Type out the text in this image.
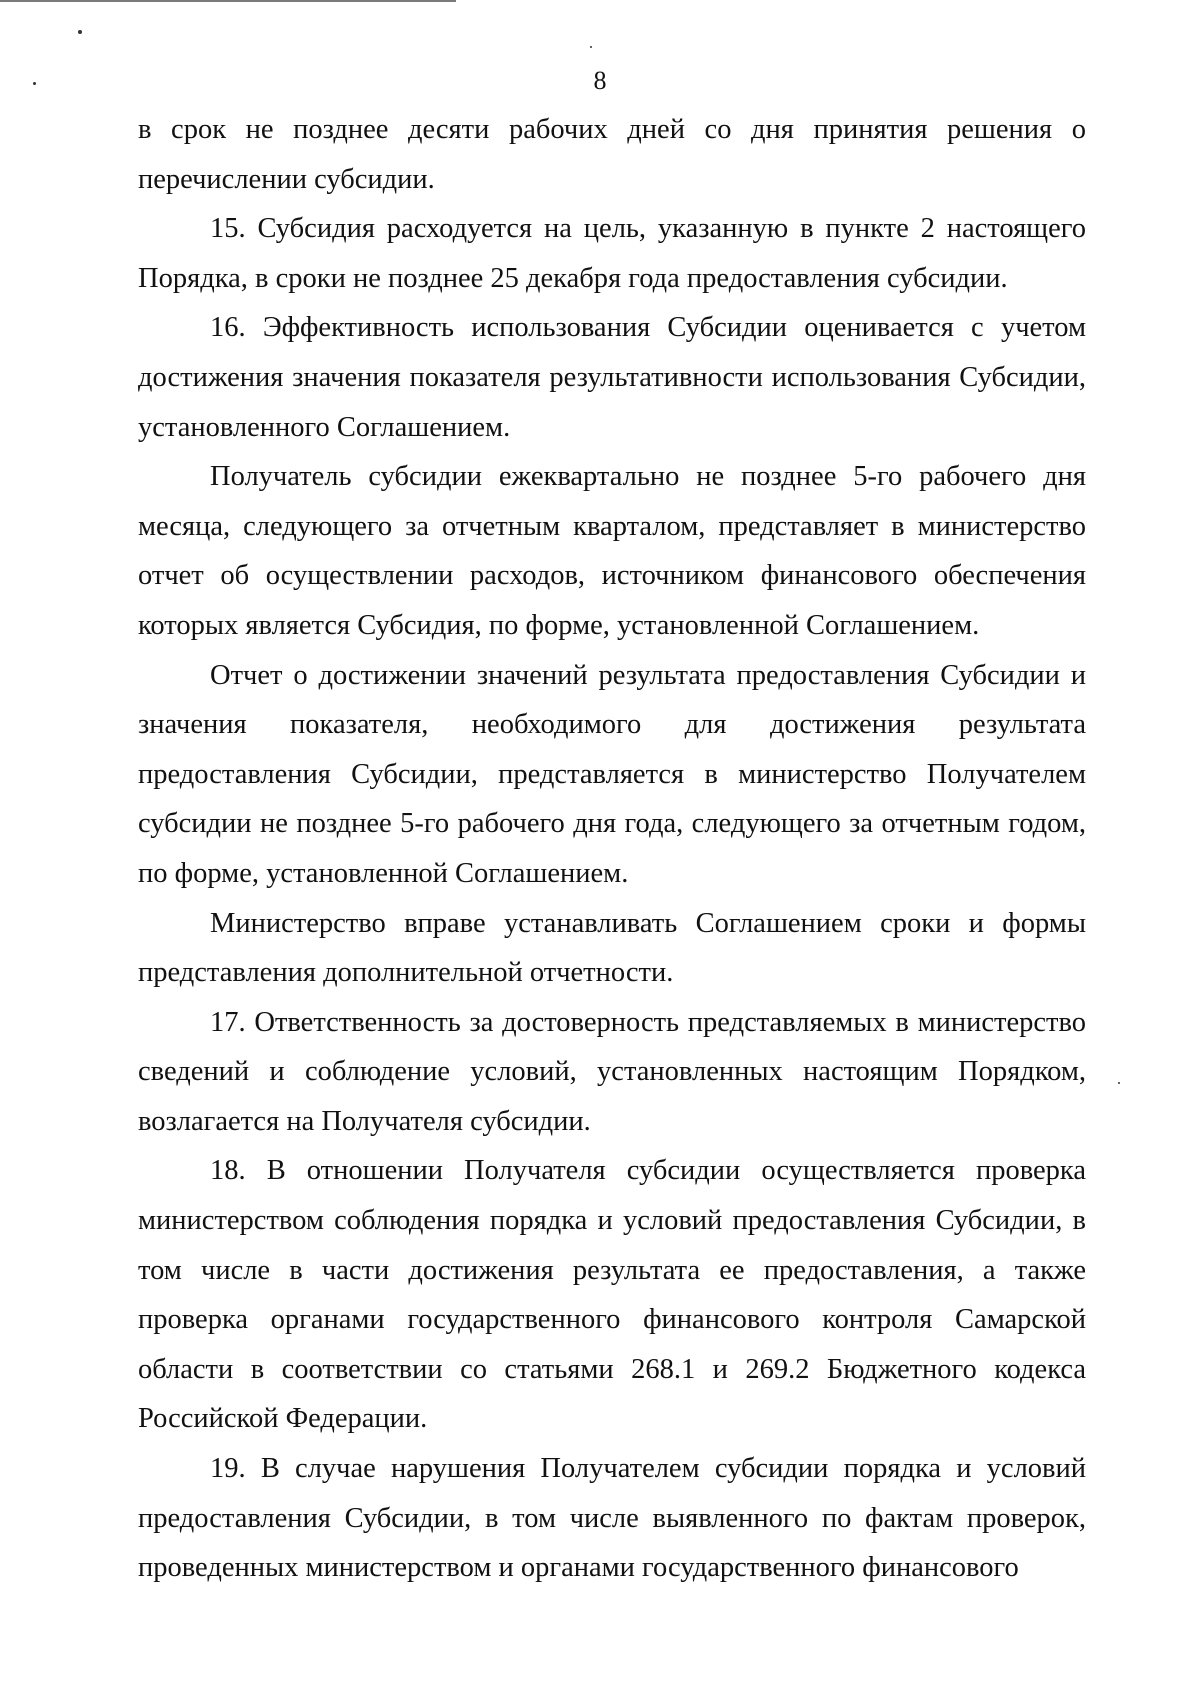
8

в срок не позднее десяти рабочих дней со дня принятия решения о перечислении субсидии.

15. Субсидия расходуется на цель, указанную в пункте 2 настоящего Порядка, в сроки не позднее 25 декабря года предоставления субсидии.

16. Эффективность использования Субсидии оценивается с учетом достижения значения показателя результативности использования Субсидии, установленного Соглашением.

Получатель субсидии ежеквартально не позднее 5-го рабочего дня месяца, следующего за отчетным кварталом, представляет в министерство отчет об осуществлении расходов, источником финансового обеспечения которых является Субсидия, по форме, установленной Соглашением.

Отчет о достижении значений результата предоставления Субсидии и значения показателя, необходимого для достижения результата предоставления Субсидии, представляется в министерство Получателем субсидии не позднее 5-го рабочего дня года, следующего за отчетным годом, по форме, установленной Соглашением.

Министерство вправе устанавливать Соглашением сроки и формы представления дополнительной отчетности.

17. Ответственность за достоверность представляемых в министерство сведений и соблюдение условий, установленных настоящим Порядком, возлагается на Получателя субсидии.

18. В отношении Получателя субсидии осуществляется проверка министерством соблюдения порядка и условий предоставления Субсидии, в том числе в части достижения результата ее предоставления, а также проверка органами государственного финансового контроля Самарской области в соответствии со статьями 268.1 и 269.2 Бюджетного кодекса Российской Федерации.

19. В случае нарушения Получателем субсидии порядка и условий предоставления Субсидии, в том числе выявленного по фактам проверок, проведенных министерством и органами государственного финансового
